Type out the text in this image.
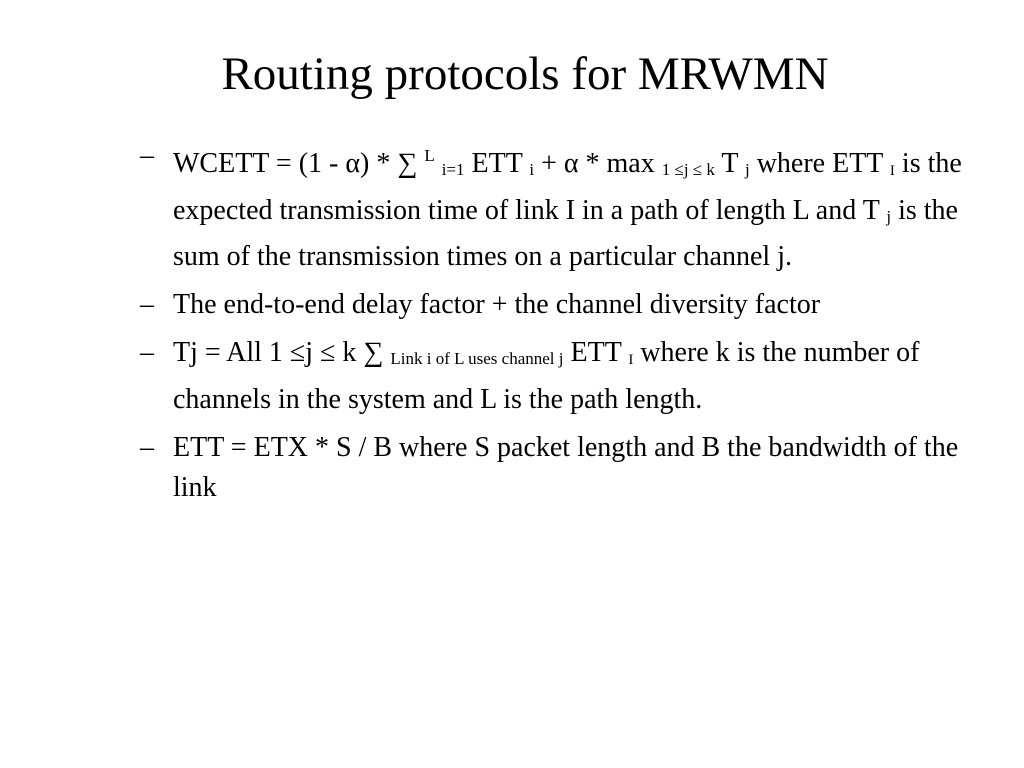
Routing protocols for MRWMN
– WCETT = (1 - α) * ∑ $^L$ i=1 ETT i + α * max 1 ≤j ≤ k T j where ETT I is the expected transmission time of link I in a path of length L and T j is the sum of the transmission times on a particular channel j.
– The end-to-end delay factor + the channel diversity factor
– Tj = All 1 ≤j ≤ k ∑ Link i of L uses channel j ETT I where k is the number of channels in the system and L is the path length.
– ETT = ETX * S / B where S packet length and B the bandwidth of the link
